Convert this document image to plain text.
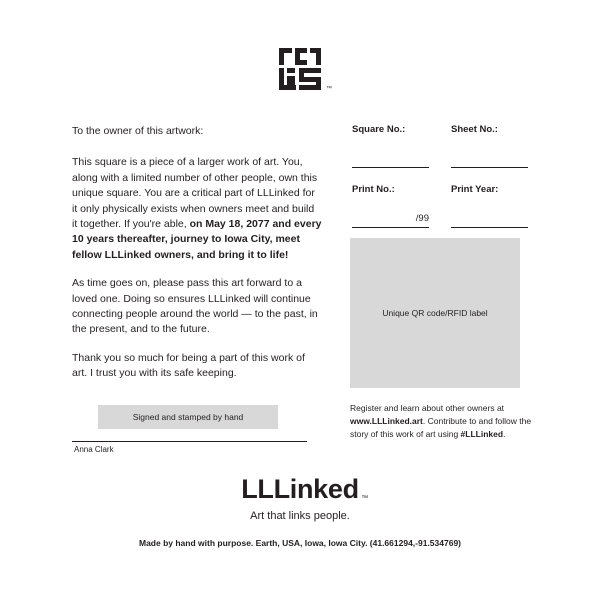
™

To the owner of this artwork:

This square is a piece of a larger work of art. You, along with a limited number of other people, own this unique square. You are a critical part of LLLinked for it only physically exists when owners meet and build it together. If you're able, on May 18, 2077 and every 10 years thereafter, journey to Iowa City, meet fellow LLLinked owners, and bring it to life!

As time goes on, please pass this art forward to a loved one. Doing so ensures LLLinked will continue connecting people around the world — to the past, in the present, and to the future.

Thank you so much for being a part of this work of art. I trust you with its safe keeping.

Square No.:	Sheet No.:
Print No.:
/99
Print Year:
Unique QR code/RFID label
Register and learn about other owners at www.LLLinked.art. Contribute to and follow the story of this work of art using #LLLinked.
Signed and stamped by hand
Anna Clark
LLLinked ™
Art that links people.
Made by hand with purpose. Earth, USA, Iowa, Iowa City. (41.661294,-91.534769)
